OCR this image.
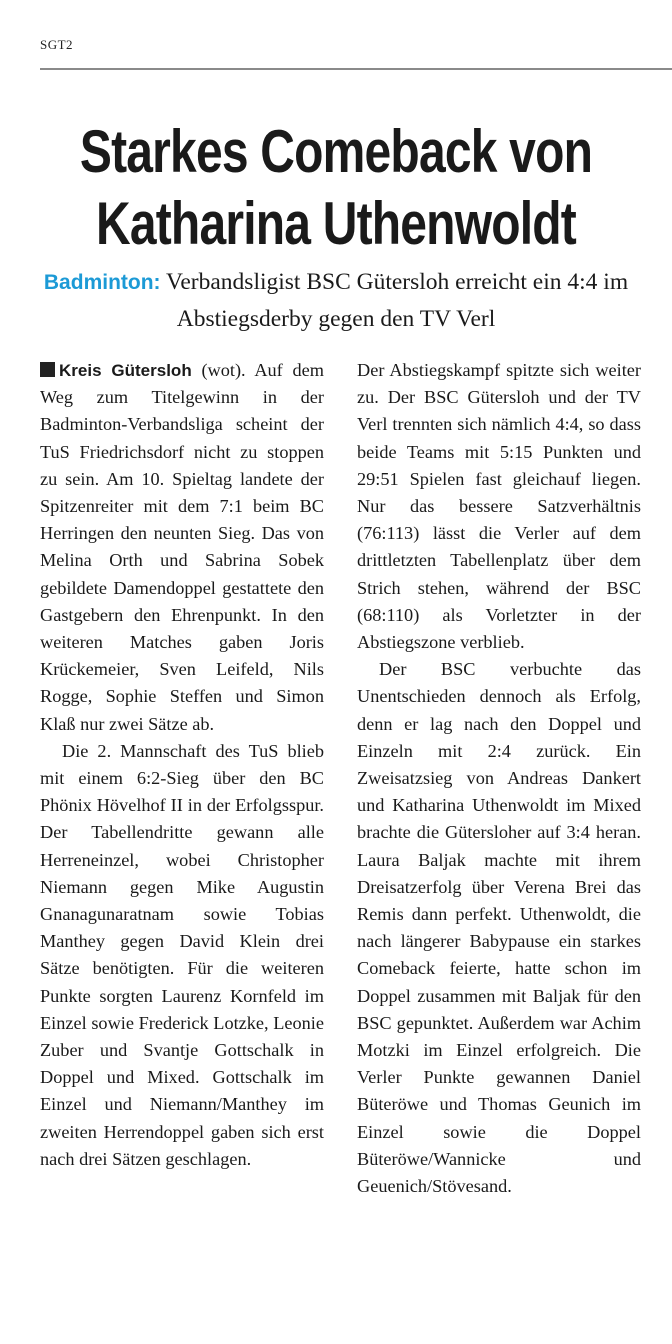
SGT2
Starkes Comeback von
Katharina Uthenwoldt

Badminton: Verbandsligist BSC Gütersloh erreicht ein 4:4 im Abstiegsderby gegen den TV Verl

Kreis Gütersloh (wot). Auf dem Weg zum Titelgewinn in der Badminton-Verbandsliga scheint der TuS Friedrichsdorf nicht zu stoppen zu sein. Am 10. Spieltag landete der Spitzenreiter mit dem 7:1 beim BC Herringen den neunten Sieg. Das von Melina Orth und Sabrina Sobek gebildete Damendoppel gestattete den Gastgebern den Ehrenpunkt. In den weiteren Matches gaben Joris Krückemeier, Sven Leifeld, Nils Rogge, Sophie Steffen und Simon Klaß nur zwei Sätze ab.

Die 2. Mannschaft des TuS blieb mit einem 6:2-Sieg über den BC Phönix Hövelhof II in der Erfolgsspur. Der Tabellendritte gewann alle Herreneinzel, wobei Christopher Niemann gegen Mike Augustin Gnanagunaratnam sowie Tobias Manthey gegen David Klein drei Sätze benötigten. Für die weiteren Punkte sorgten Laurenz Kornfeld im Einzel sowie Frederick Lotzke, Leonie Zuber und Svantje Gottschalk in Doppel und Mixed. Gottschalk im Einzel und Niemann/Manthey im zweiten Herrendoppel gaben sich erst nach drei Sätzen geschlagen.

Der Abstiegskampf spitzte sich weiter zu. Der BSC Gütersloh und der TV Verl trennten sich nämlich 4:4, so dass beide Teams mit 5:15 Punkten und 29:51 Spielen fast gleichauf liegen. Nur das bessere Satzverhältnis (76:113) lässt die Verler auf dem drittletzten Tabellenplatz über dem Strich stehen, während der BSC (68:110) als Vorletzter in der Abstiegszone verblieb.

Der BSC verbuchte das Unentschieden dennoch als Erfolg, denn er lag nach den Doppel und Einzeln mit 2:4 zurück. Ein Zweisatzsieg von Andreas Dankert und Katharina Uthenwoldt im Mixed brachte die Gütersloher auf 3:4 heran. Laura Baljak machte mit ihrem Dreisatzerfolg über Verena Brei das Remis dann perfekt. Uthenwoldt, die nach längerer Babypause ein starkes Comeback feierte, hatte schon im Doppel zusammen mit Baljak für den BSC gepunktet. Außerdem war Achim Motzki im Einzel erfolgreich. Die Verler Punkte gewannen Daniel Büteröwe und Thomas Geunich im Einzel sowie die Doppel Büteröwe/Wannicke und Geuenich/Stövesand.
